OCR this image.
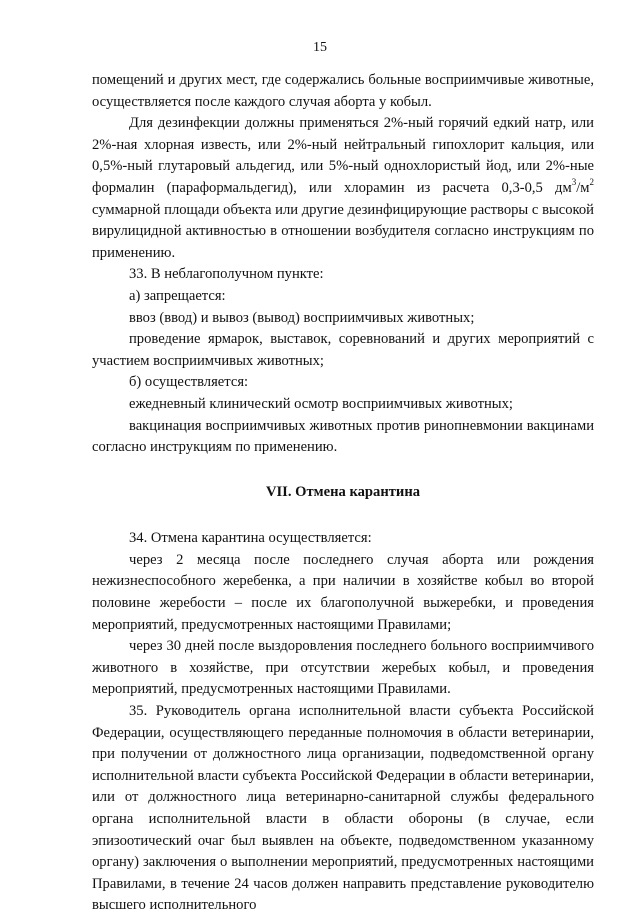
15

помещений и других мест, где содержались больные восприимчивые животные, осуществляется после каждого случая аборта у кобыл.

Для дезинфекции должны применяться 2%-ный горячий едкий натр, или 2%-ная хлорная известь, или 2%-ный нейтральный гипохлорит кальция, или 0,5%-ный глутаровый альдегид, или 5%-ный однохлористый йод, или 2%-ные формалин (параформальдегид), или хлорамин из расчета 0,3-0,5 $дм^3/м^2$ суммарной площади объекта или другие дезинфицирующие растворы с высокой вирулицидной активностью в отношении возбудителя согласно инструкциям по применению.

33. В неблагополучном пункте:

а) запрещается:

ввоз (ввод) и вывоз (вывод) восприимчивых животных;

проведение ярмарок, выставок, соревнований и других мероприятий с участием восприимчивых животных;

б) осуществляется:

ежедневный клинический осмотр восприимчивых животных;

вакцинация восприимчивых животных против ринопневмонии вакцинами согласно инструкциям по применению.

VII. Отмена карантина

34. Отмена карантина осуществляется:

через 2 месяца после последнего случая аборта или рождения нежизнеспособного жеребенка, а при наличии в хозяйстве кобыл во второй половине жеребости – после их благополучной выжеребки, и проведения мероприятий, предусмотренных настоящими Правилами;

через 30 дней после выздоровления последнего больного восприимчивого животного в хозяйстве, при отсутствии жеребых кобыл, и проведения мероприятий, предусмотренных настоящими Правилами.

35. Руководитель органа исполнительной власти субъекта Российской Федерации, осуществляющего переданные полномочия в области ветеринарии, при получении от должностного лица организации, подведомственной органу исполнительной власти субъекта Российской Федерации в области ветеринарии, или от должностного лица ветеринарно-санитарной службы федерального органа исполнительной власти в области обороны (в случае, если эпизоотический очаг был выявлен на объекте, подведомственном указанному органу) заключения о выполнении мероприятий, предусмотренных настоящими Правилами, в течение 24 часов должен направить представление руководителю высшего исполнительного
